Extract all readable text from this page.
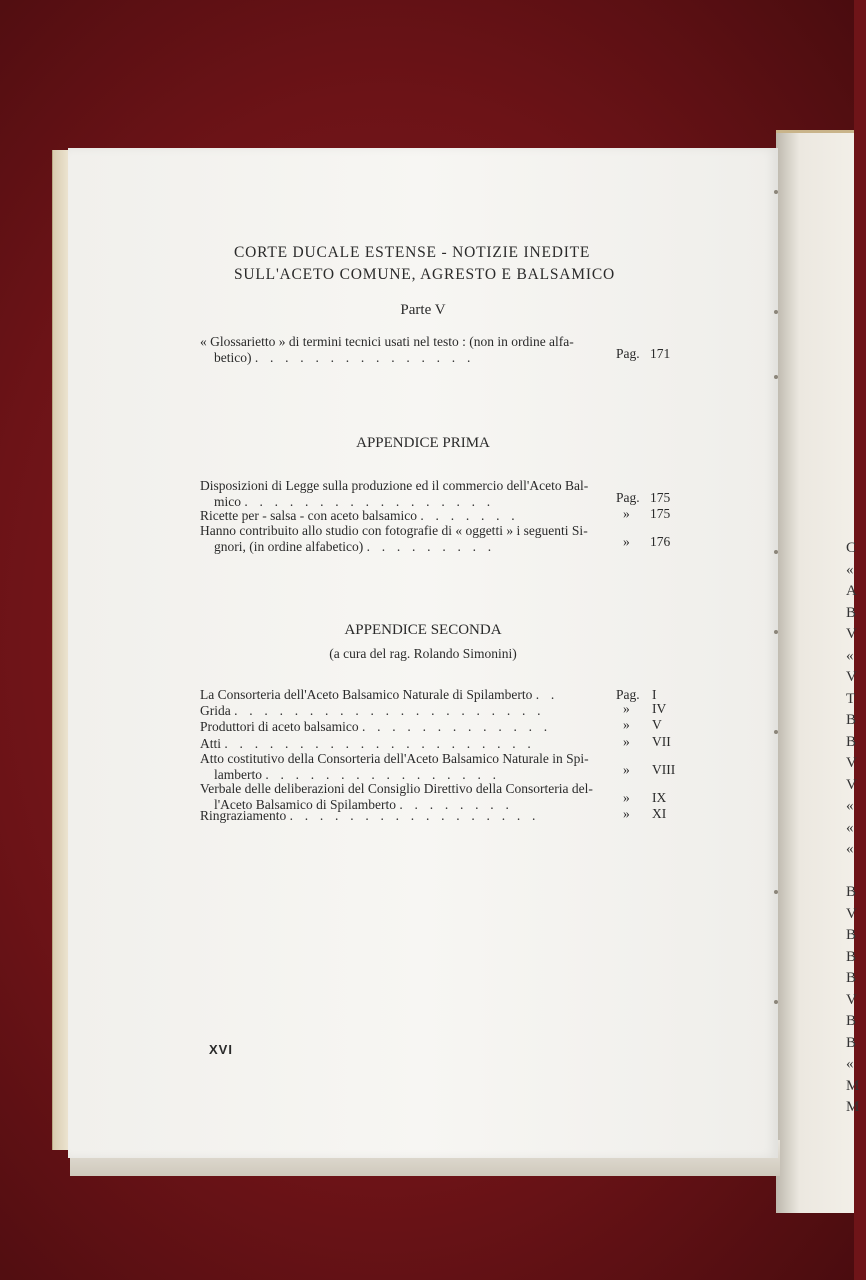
C
«
A
B
V
«
V
T
B
B
V
V
«
«
«

B
V
B
B
B
V
B
B
«
M
M
CORTE DUCALE ESTENSE - NOTIZIE INEDITE
SULL'ACETO COMUNE, AGRESTO E BALSAMICO
Parte V
« Glossarietto » di termini tecnici usati nel testo : (non in ordine alfa-
betico) . . . . . . . . . . . . . . .	Pag. 171
APPENDICE PRIMA
Disposizioni di Legge sulla produzione ed il commercio dell'Aceto Bal-
mico . . . . . . . . . . . . . . . . .	Pag. 175
Ricette per - salsa - con aceto balsamico . . . . . . .	» 175
Hanno contribuito allo studio con fotografie di « oggetti » i seguenti Si-
gnori, (in ordine alfabetico) . . . . . . . . .	» 176
APPENDICE SECONDA
(a cura del rag. Rolando Simonini)
La Consorteria dell'Aceto Balsamico Naturale di Spilamberto . .	Pag. I
Grida . . . . . . . . . . . . . . . . . . . . .	» IV
Produttori di aceto balsamico . . . . . . . . . . . . .	» V
Atti . . . . . . . . . . . . . . . . . . . . .	» VII
Atto costitutivo della Consorteria dell'Aceto Balsamico Naturale in Spi-
lamberto . . . . . . . . . . . . . . . .	» VIII
Verbale delle deliberazioni del Consiglio Direttivo della Consorteria del-
l'Aceto Balsamico di Spilamberto . . . . . . . .	» IX
Ringraziamento . . . . . . . . . . . . . . . . .	» XI
XVI
